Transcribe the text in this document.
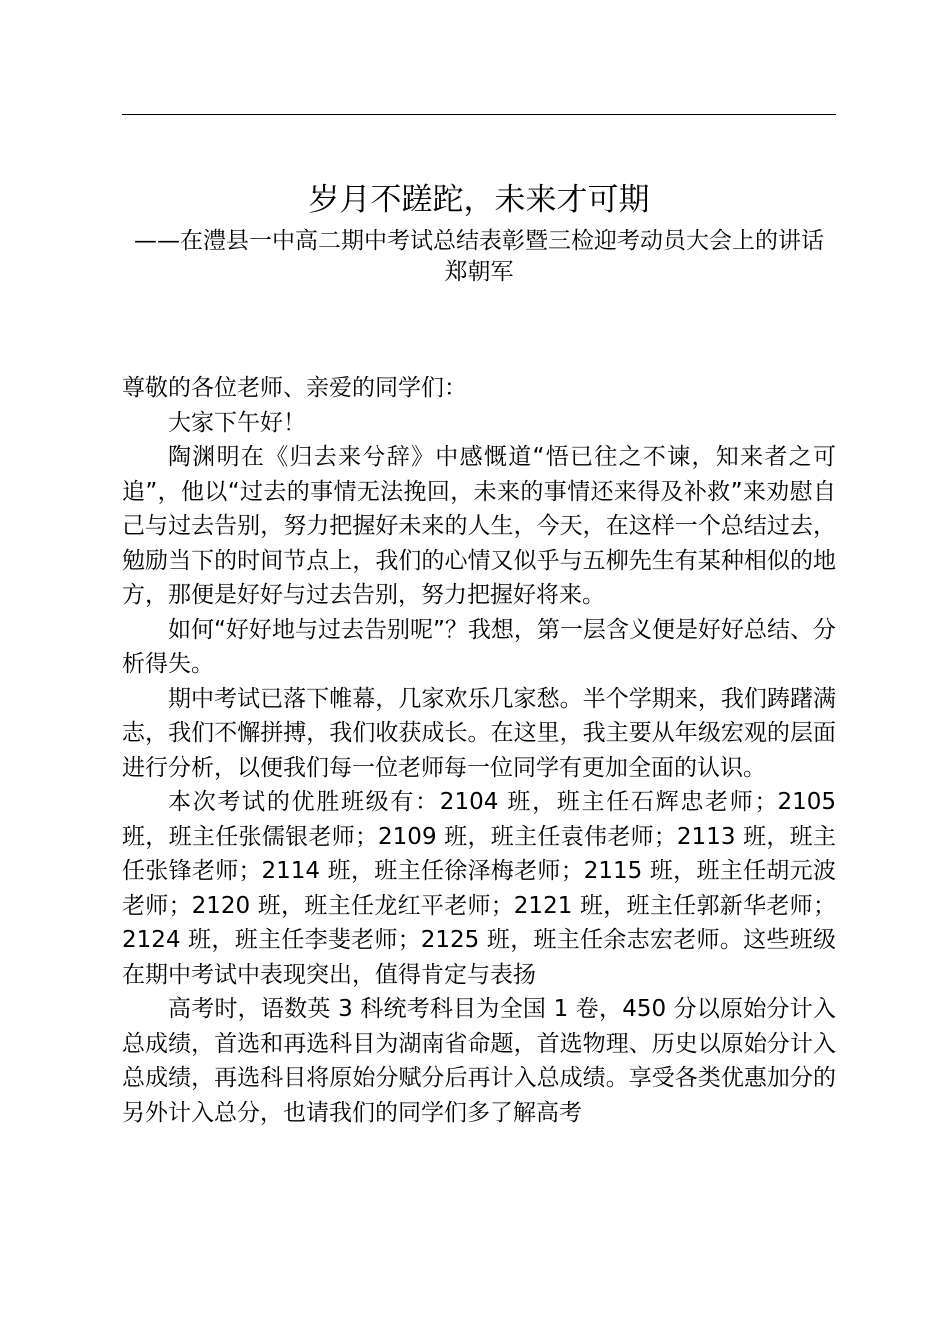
岁月不蹉跎，未来才可期

——在澧县一中高二期中考试总结表彰暨三检迎考动员大会上的讲话

郑朝军

尊敬的各位老师、亲爱的同学们：

大家下午好！

陶渊明在《归去来兮辞》中感慨道“悟已往之不谏，知来者之可追”，他以“过去的事情无法挽回，未来的事情还来得及补救”来劝慰自己与过去告别，努力把握好未来的人生，今天，在这样一个总结过去，勉励当下的时间节点上，我们的心情又似乎与五柳先生有某种相似的地方，那便是好好与过去告别，努力把握好将来。

如何“好好地与过去告别呢”？我想，第一层含义便是好好总结、分析得失。

期中考试已落下帷幕，几家欢乐几家愁。半个学期来，我们踌躇满志，我们不懈拼搏，我们收获成长。在这里，我主要从年级宏观的层面进行分析，以便我们每一位老师每一位同学有更加全面的认识。

本次考试的优胜班级有：2104 班，班主任石辉忠老师；2105 班，班主任张儒银老师；2109 班，班主任袁伟老师；2113 班，班主任张锋老师；2114 班，班主任徐泽梅老师；2115 班，班主任胡元波老师；2120 班，班主任龙红平老师；2121 班，班主任郭新华老师；2124 班，班主任李斐老师；2125 班，班主任余志宏老师。这些班级在期中考试中表现突出，值得肯定与表扬

高考时，语数英 3 科统考科目为全国 1 卷，450 分以原始分计入总成绩，首选和再选科目为湖南省命题，首选物理、历史以原始分计入总成绩，再选科目将原始分赋分后再计入总成绩。享受各类优惠加分的另外计入总分，也请我们的同学们多了解高考
